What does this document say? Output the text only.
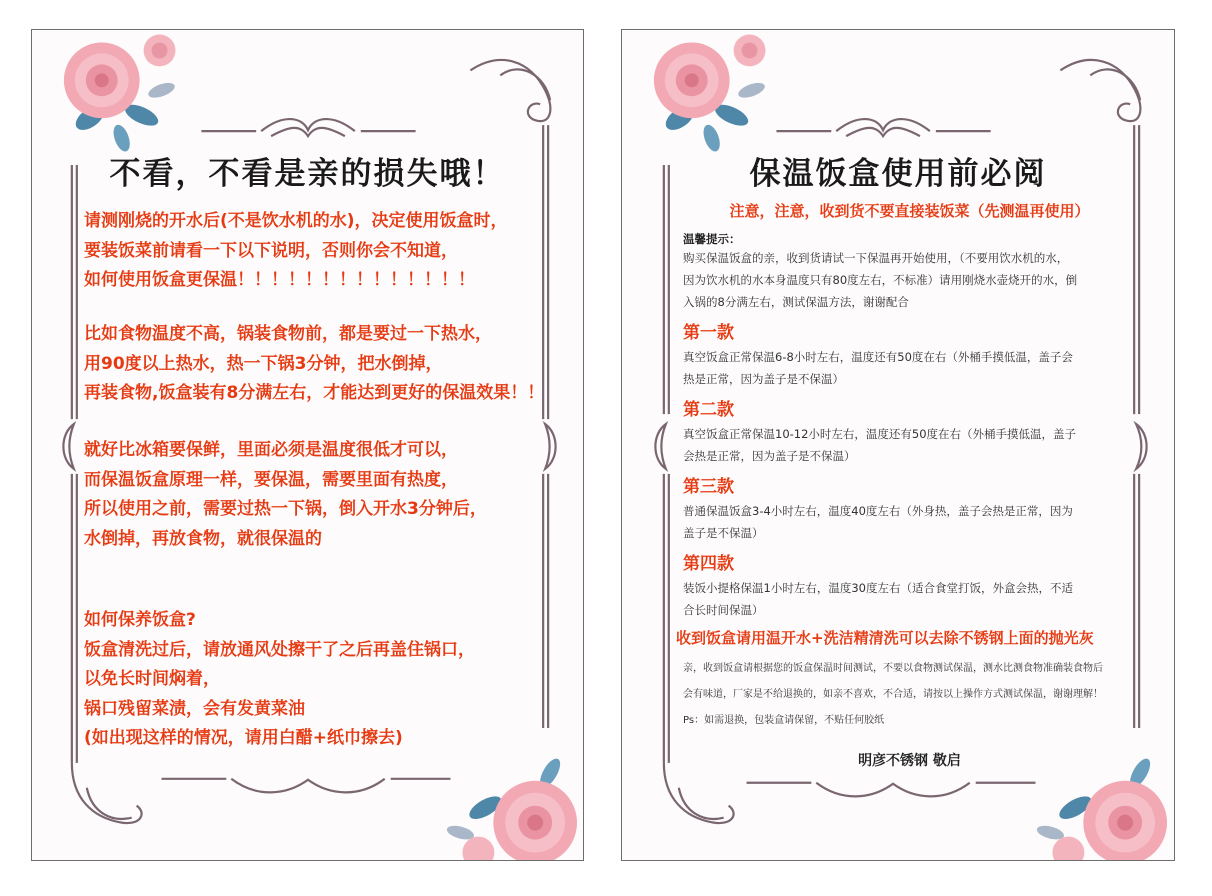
不看，不看是亲的损失哦！
请测刚烧的开水后(不是饮水机的水)，决定使用饭盒时，
要装饭菜前请看一下以下说明，否则你会不知道，
如何使用饭盒更保温！！！！！！！！！！！！！！
比如食物温度不高，锅装食物前，都是要过一下热水，
用90度以上热水，热一下锅3分钟，把水倒掉，
再装食物,饭盒装有8分满左右，才能达到更好的保温效果！！
就好比冰箱要保鲜，里面必须是温度很低才可以，
而保温饭盒原理一样，要保温，需要里面有热度，
所以使用之前，需要过热一下锅，倒入开水3分钟后，
水倒掉，再放食物，就很保温的
如何保养饭盒?
饭盒清洗过后，请放通风处擦干了之后再盖住锅口，
以免长时间焖着，
锅口残留菜渍，会有发黄菜油
(如出现这样的情况，请用白醋+纸巾擦去)
保温饭盒使用前必阅

注意，注意，收到货不要直接装饭菜（先测温再使用）

温馨提示：

购买保温饭盒的亲，收到货请试一下保温再开始使用，（不要用饮水机的水，
因为饮水机的水本身温度只有80度左右，不标准）请用刚烧水壶烧开的水，倒
入锅的8分满左右，测试保温方法，谢谢配合
第一款
真空饭盒正常保温6-8小时左右，温度还有50度在右（外桶手摸低温，盖子会
热是正常，因为盖子是不保温）
第二款
真空饭盒正常保温10-12小时左右，温度还有50度在右（外桶手摸低温，盖子
会热是正常，因为盖子是不保温）
第三款
普通保温饭盒3-4小时左右，温度40度左右（外身热，盖子会热是正常，因为
盖子是不保温）
第四款
装饭小提格保温1小时左右，温度30度左右（适合食堂打饭，外盒会热，不适
合长时间保温）

收到饭盒请用温开水+洗洁精清洗可以去除不锈钢上面的抛光灰

亲，收到饭盒请根据您的饭盒保温时间测试，不要以食物测试保温，测水比测食物准确装食物后
会有味道，厂家是不给退换的，如亲不喜欢，不合适，请按以上操作方式测试保温，谢谢理解！
Ps：如需退换，包装盒请保留，不贴任何胶纸

明彦不锈钢 敬启
